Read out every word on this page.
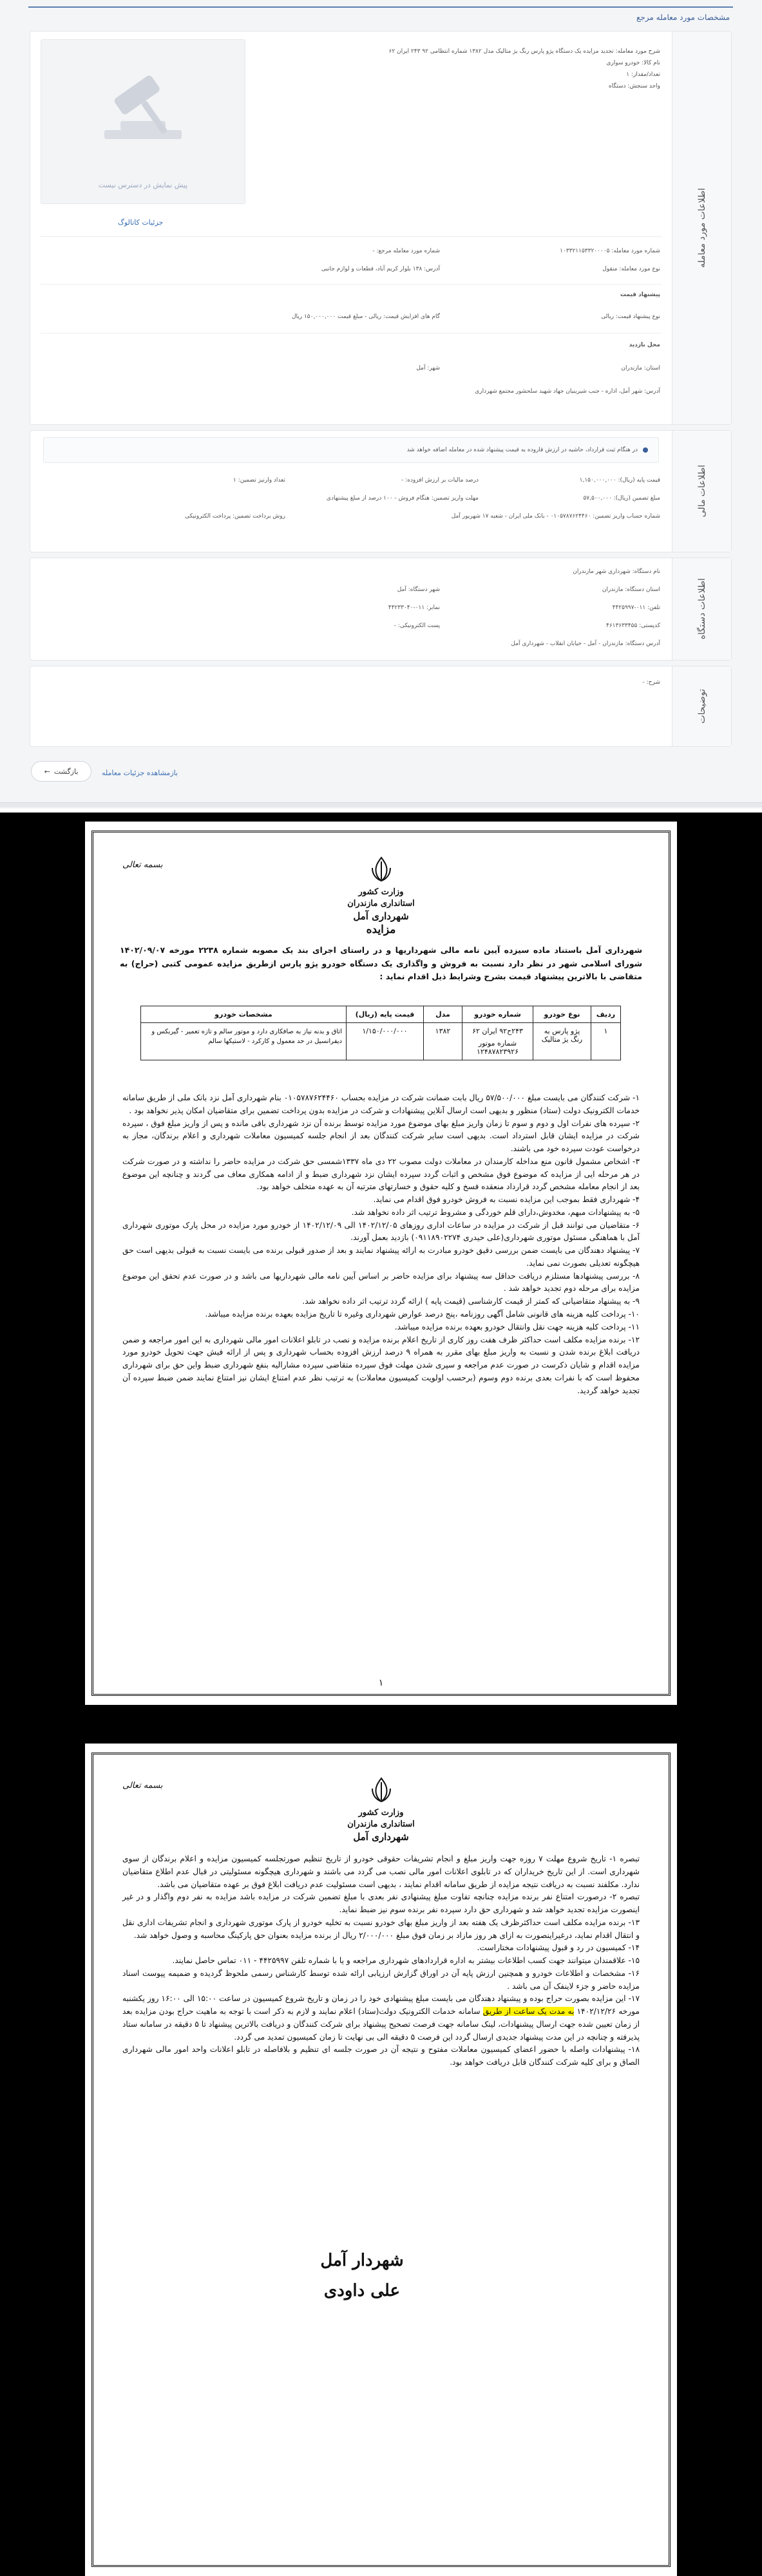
مشخصات مورد معامله مرجع
اطلاعات مورد معامله
شرح مورد معامله: تجدید مزایده یک دستگاه پژو پارس رنگ یژ متالیک مدل ۱۳۸۲ شماره انتظامی ۹۲ ۲۴۳ ایران ۶۲
نام کالا: خودرو سواری
تعداد/مقدار: ۱
واحد سنجش: دستگاه
پیش نمایش در دسترس نیست
جزئیات کاتالوگ
شماره مورد معامله: ۱۰۳۳۲۱۱۵۳۳۲۰۰۰۰۵
شماره مورد معامله مرجع: -
نوع مورد معامله: منقول
آدرس: ۱۳۸ بلوار کریم آباد، قطعات و لوازم جانبی
پیشنهاد قیمت
نوع پیشنهاد قیمت: ریالی
گام های افزایش قیمت: ریالی - مبلغ قیمت ۱۵۰,۰۰۰,۰۰۰ ریال
محل بازدید
استان: مازندران
شهر: آمل
آدرس: شهر آمل، اداره - جنب شیرینیان جهاد شهید سلحشور مجتمع شهرداری
اطلاعات مالی
در هنگام ثبت قرارداد، حاشیه در ارزش قاروده به قیمت پیشنهاد شده در معامله اضافه خواهد شد
قیمت پایه (ریال): ۱,۱۵۰,۰۰۰,۰۰۰
درصد مالیات بر ارزش افزوده: -
تعداد وارنیز تضمین: ۱
مبلغ تضمین (ریال): ۵۷,۵۰۰,۰۰۰
مهلت واریز تضمین: هنگام فروش - ۱۰۰ درصد از مبلغ پیشنهادی
شماره حساب واریز تضمین: ۰۱۰۵۷۸۷۶۲۴۴۶۰ - بانک ملی ایران - شعبه ۱۷ شهریور آمل
روش برداخت تضمین: پرداخت الکترونیکی
اطلاعات دستگاه
نام دستگاه: شهرداری شهر مازندران
استان دستگاه: مازندران
شهر دستگاه: آمل
تلفن: ۰۱۱-۴۴۲۵۹۹۷
نمابر: ۰۱۱-۴۴۲۳۳۰۴۰
کدپستی: ۴۶۱۳۶۳۳۴۵۵
پست الکترونیکی: -
آدرس دستگاه: مازندران - آمل - خیابان انقلاب - شهرداری آمل
توضیحات
شرح: -
بازگشت
←	بازمشاهده جزئیات معامله
بسمه تعالی
وزارت کشور
استانداری مازندران
شهرداری آمل
مزایده
شهرداری آمل باستناد ماده سیزده آیین نامه مالی شهرداریها و در راستای اجرای بند یک مصوبه شماره ۲۲۳۸ مورخه ۱۴۰۲/۰۹/۰۷ شورای اسلامی شهر در نظر دارد نسبت به فروش و واگذاری یک دستگاه خودرو پژو پارس ازطریق مزایده عمومی کتبی (حراج) به متقاضی با بالاترین پیشنهاد قیمت بشرح وشرایط ذیل اقدام نماید :
ردیف	نوع خودرو	شماره خودرو	مدل	قیمت پایه (ریال)	مشخصات خودرو
۱	پژو پارس به رنگ یژ متالیک	۲۴۳ح۹۲ ایران ۶۲
شماره موتور
۱۲۴۸۷۸۲۳۹۲۶	۱۳۸۲	۱/۱۵۰/۰۰۰/۰۰۰	اتاق و بدنه نیاز به صافکاری دارد و موتور سالم و تازه تعمیر - گیربکس و دیفرانسیل در حد معمول و کارکرد - لاستیکها سالم

۱- شرکت کنندگان می بایست مبلغ ۵۷/۵۰۰/۰۰۰ ریال بابت ضمانت شرکت در مزایده بحساب ۰۱۰۵۷۸۷۶۲۴۴۶۰ بنام شهرداری آمل نزد بانک ملی از طریق سامانه خدمات الکترونیک دولت (ستاد) منظور و بدیهی است ارسال آنلاین پیشنهادات و شرکت در مزایده بدون پرداخت تضمین برای متقاضیان امکان پذیر نخواهد بود .

۲- سپرده های نفرات اول و دوم و سوم تا زمان واریز مبلغ بهای موضوع مورد مزایده توسط برنده آن نزد شهرداری باقی مانده و پس از واریز مبلغ فوق ، سپرده شرکت در مزایده ایشان قابل استرداد است. بدیهی است سایر شرکت کنندگان بعد از انجام جلسه کمیسیون معاملات شهرداری و اعلام برندگان، مجاز به درخواست عودت سپرده خود می باشند.

۳- اشخاص مشمول قانون منع مداخله کارمندان در معاملات دولت مصوب ۲۲ دی ماه ۱۳۳۷شمسی حق شرکت در مزایده حاضر را نداشته و در صورت شرکت در هر مرحله ایی از مزایده که موضوع فوق مشخص و اثبات گردد سپرده ایشان نزد شهرداری ضبط و از ادامه همکاری معاف می گردند و چنانچه این موضوع بعد از انجام معامله مشخص گردد قرارداد منعقده فسخ و کلیه حقوق و خسارتهای مترتبه آن به عهده متخلف خواهد بود.

۴- شهرداری فقط بموجب این مزایده نسبت به فروش خودرو فوق اقدام می نماید.

۵- به پیشنهادات مبهم، مخدوش،دارای قلم خوردگی و مشروط ترتیب اثر داده نخواهد شد.

۶- متقاضیان می توانند قبل از شرکت در مزایده در ساعات اداری روزهای ۱۴۰۲/۱۲/۰۵ الی ۱۴۰۲/۱۲/۰۹ از خودرو مورد مزایده در محل پارک موتوری شهرداری آمل با هماهنگی مسئول موتوری شهرداری(علی حیدری ۰۹۱۱۸۹۰۲۲۷۴) بازدید بعمل آورند.

۷- پیشنهاد دهندگان می بایست ضمن بررسی دقیق خودرو مبادرت به ارائه پیشنهاد نمایند و بعد از صدور قبولی برنده می بایست نسبت به قبولی بدیهی است حق هیچگونه تعدیلی بصورت نمی نماید.

۸- بررسی پیشنهادها مستلزم دریافت حداقل سه پیشنهاد برای مزایده حاضر بر اساس آیین نامه مالی شهرداریها می باشد و در صورت عدم تحقق این موضوع مزایده برای مرحله دوم تجدید خواهد شد .

۹- به پیشنهاد متقاضیانی که کمتر از قیمت کارشناسی (قیمت پایه ) ارائه گردد ترتیب اثر داده نخواهد شد.

۱۰- پرداخت کلیه هزینه های قانونی شامل آگهی روزنامه ،پنج درصد عوارض شهرداری وغیره تا تاریخ مزایده بعهده برنده مزایده میباشد.

۱۱- پرداخت کلیه هزینه جهت نقل وانتقال خودرو بعهده برنده مزایده میباشد.

۱۲- برنده مزایده مکلف است حداکثر ظرف هفت روز کاری از تاریخ اعلام برنده مزایده و نصب در تابلو اعلانات امور مالی شهرداری به این امور مراجعه و ضمن دریافت ابلاغ برنده شدن و نسبت به واریز مبلغ بهای مقرر به همراه ۹ درصد ارزش افزوده بحساب شهرداری و پس از ارائه فیش جهت تحویل خودرو مورد مزایده اقدام و شایان ذکرست در صورت عدم مراجعه و سپری شدن مهلت فوق سپرده متقاضی سپرده مشارالیه بنفع شهرداری ضبط واین حق برای شهرداری محفوظ است که با نفرات بعدی برنده دوم وسوم (برحسب اولویت کمیسیون معاملات) به ترتیب نظر عدم امتناع ایشان نیز امتناع نمایند ضمن ضبط سپرده آن تجدید خواهد گردید.

۱
بسمه تعالی
وزارت کشور
استانداری مازندران
شهرداری آمل

تبصره ۱- تاریخ شروع مهلت ۷ روزه جهت واریز مبلغ و انجام تشریفات حقوقی خودرو از تاریخ تنظیم صورتجلسه کمیسیون مزایده و اعلام برندگان از سوی شهرداری است. از این تاریخ خریداران که در تابلوی اعلانات امور مالی نصب می گردد می باشند و شهرداری هیچگونه مسئولیتی در قبال عدم اطلاع متقاضیان ندارد. مکلفند نسبت به دریافت نتیجه مزایده از طریق سامانه اقدام نمایند ، بدیهی است مسئولیت عدم دریافت ابلاغ فوق بر عهده متقاضیان می باشد.

تبصره ۲- درصورت امتناع نفر برنده مزایده چنانچه تفاوت مبلغ پیشنهادی نفر بعدی با مبلغ تضمین شرکت در مزایده باشد مزایده به نفر دوم واگذار و در غیر اینصورت مزایده تجدید خواهد شد و شهرداری حق دارد سپرده نفر برنده سوم نیز ضبط نماید.

۱۳- برنده مزایده مکلف است حداکثرظرف یک هفته بعد از واریز مبلغ بهای خودرو نسبت به تخلیه خودرو از پارک موتوری شهرداری و انجام تشریفات اداری نقل و انتقال اقدام نماید، درغیراینصورت به ازای هر روز مازاد بر زمان فوق مبلغ ۲/۰۰۰/۰۰۰ ریال از برنده مزایده بعنوان حق پارکینگ محاسبه و وصول خواهد شد.

۱۴- کمیسیون در رد و قبول پیشنهادات مختاراست.

۱۵- علاقمندان میتوانند جهت کسب اطلاعات بیشتر به اداره قراردادهای شهرداری مراجعه و یا با شماره تلفن ۴۴۲۵۹۹۷ - ۰۱۱ تماس حاصل نمایند.

۱۶- مشخصات و اطلاعات خودرو و همچنین ارزش پایه آن در اوراق گزارش ارزیابی ارائه شده توسط کارشناس رسمی ملحوظ گردیده و ضمیمه پیوست اسناد مزایده حاضر و جزء لاینفک آن می باشد .

۱۷- این مزایده بصورت حراج بوده و پیشنهاد دهندگان می بایست مبلغ پیشنهادی خود را در زمان و تاریخ شروع کمیسیون در ساعت ۱۵:۰۰ الی ۱۶:۰۰ روز یکشنبه مورخه ۱۴۰۲/۱۲/۲۶ به مدت یک ساعت از طریق سامانه خدمات الکترونیک دولت(ستاد) اعلام نمایند و لازم به ذکر است با توجه به ماهیت حراج بودن مزایده بعد از زمان تعیین شده جهت ارسال پیشنهادات، لینک سامانه جهت فرصت تصحیح پیشنهاد برای شرکت کنندگان و دریافت بالاترین پیشنهاد تا ۵ دقیقه در سامانه ستاد پذیرفته و چنانچه در این مدت پیشنهاد جدیدی ارسال گردد این فرصت ۵ دقیقه الی بی نهایت تا زمان کمیسیون تمدید می گردد.

۱۸- پیشنهادات واصله با حضور اعضای کمیسیون معاملات مفتوح و نتیجه آن در صورت جلسه ای تنظیم و بلافاصله در تابلو اعلانات واحد امور مالی شهرداری الصاق و برای کلیه شرکت کنندگان قابل دریافت خواهد بود.

شهردار آمل
علی داودی
